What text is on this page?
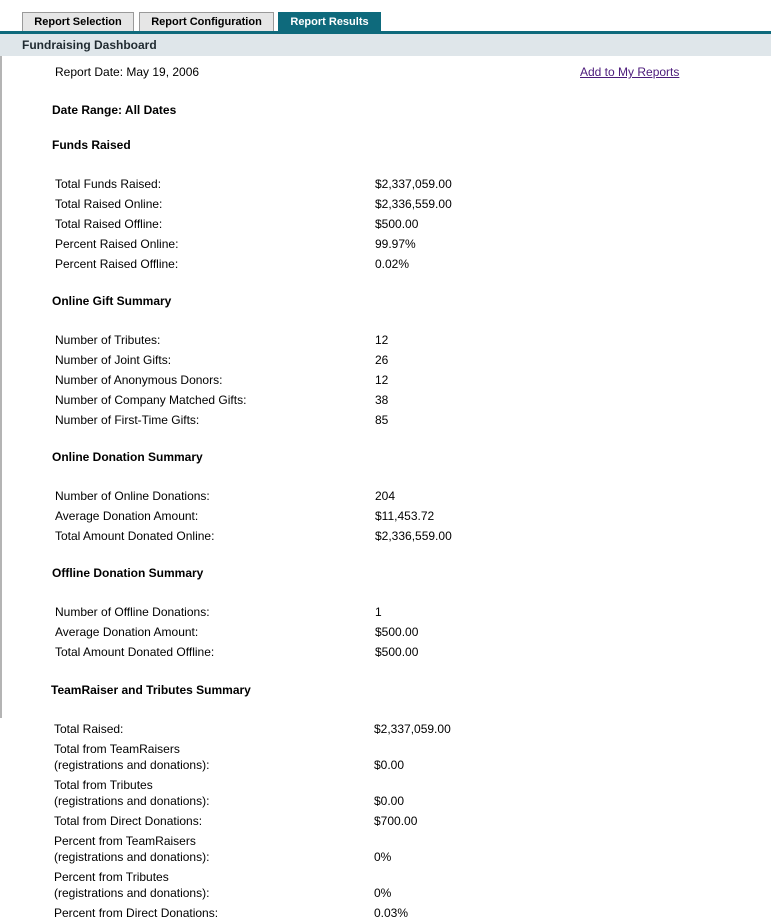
Report Selection	Report Configuration	Report Results
Fundraising Dashboard
Report Date: May 19, 2006	Add to My Reports
Date Range: All Dates
Funds Raised
Total Funds Raised:	$2,337,059.00
Total Raised Online:	$2,336,559.00
Total Raised Offline:	$500.00
Percent Raised Online:	99.97%
Percent Raised Offline:	0.02%
Online Gift Summary
Number of Tributes:	12
Number of Joint Gifts:	26
Number of Anonymous Donors:	12
Number of Company Matched Gifts:	38
Number of First-Time Gifts:	85
Online Donation Summary
Number of Online Donations:	204
Average Donation Amount:	$11,453.72
Total Amount Donated Online:	$2,336,559.00
Offline Donation Summary
Number of Offline Donations:	1
Average Donation Amount:	$500.00
Total Amount Donated Offline:	$500.00
TeamRaiser and Tributes Summary
Total Raised:	$2,337,059.00
Total from TeamRaisers
(registrations and donations):	$0.00
Total from Tributes
(registrations and donations):	$0.00
Total from Direct Donations:	$700.00
Percent from TeamRaisers
(registrations and donations):	0%
Percent from Tributes
(registrations and donations):	0%
Percent from Direct Donations:	0.03%
